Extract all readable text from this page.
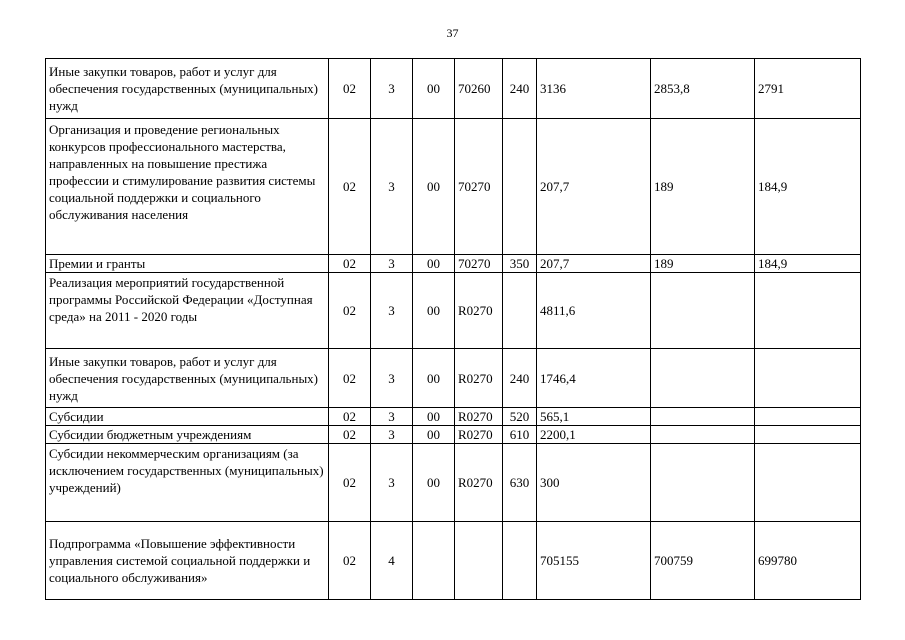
37
Иные закупки товаров, работ и услуг для обеспечения государственных (муниципальных) нужд	02	3	00	70260	240	3136	2853,8	2791
Организация и проведение региональных конкурсов профессионального мастерства, направленных на повышение престижа профессии и стимулирование развития системы социальной поддержки и социального обслуживания населения	02	3	00	70270		207,7	189	184,9
Премии и гранты	02	3	00	70270	350	207,7	189	184,9
Реализация мероприятий государственной программы Российской Федерации «Доступная среда» на 2011 - 2020 годы	02	3	00	R0270		4811,6		
Иные закупки товаров, работ и услуг для обеспечения государственных (муниципальных) нужд	02	3	00	R0270	240	1746,4		
Субсидии	02	3	00	R0270	520	565,1		
Субсидии бюджетным учреждениям	02	3	00	R0270	610	2200,1		
Субсидии некоммерческим организациям (за исключением государственных (муниципальных) учреждений)	02	3	00	R0270	630	300		
Подпрограмма «Повышение эффективности управления системой социальной поддержки и социального обслуживания»	02	4				705155	700759	699780
